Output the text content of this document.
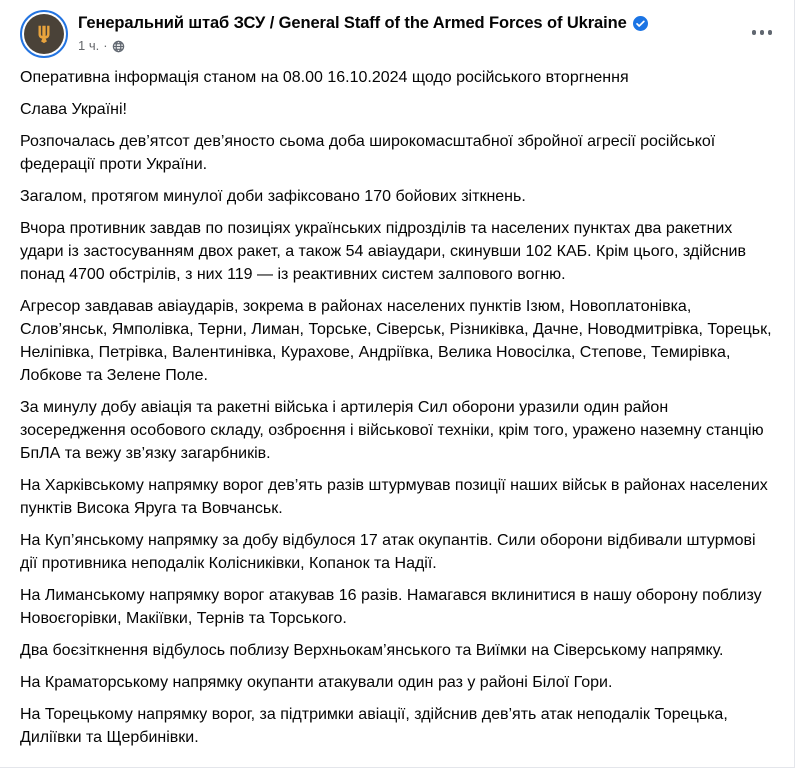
Генеральний штаб ЗСУ / General Staff of the Armed Forces of Ukraine
1 ч. ·

Оперативна інформація станом на 08.00 16.10.2024 щодо російського вторгнення

Слава Україні!

Розпочалась дев’ятсот дев’яносто сьома доба широкомасштабної збройної агресії російської федерації проти України.

Загалом, протягом минулої доби зафіксовано 170 бойових зіткнень.

Вчора противник завдав по позиціях українських підрозділів та населених пунктах два ракетних удари із застосуванням двох ракет, а також 54 авіаудари, скинувши 102 КАБ. Крім цього, здійснив понад 4700 обстрілів, з них 119 — із реактивних систем залпового вогню.

Агресор завдавав авіаударів, зокрема в районах населених пунктів Ізюм, Новоплатонівка, Слов’янськ, Ямполівка, Терни, Лиман, Торське, Сіверськ, Різниківка, Дачне, Новодмитрівка, Торецьк, Неліпівка, Петрівка, Валентинівка, Курахове, Андріївка, Велика Новосілка, Степове, Темирівка, Лобкове та Зелене Поле.

За минулу добу авіація та ракетні війська і артилерія Сил оборони уразили один район зосередження особового складу, озброєння і військової техніки, крім того, уражено наземну станцію БпЛА та вежу зв’язку загарбників.

На Харківському напрямку ворог дев’ять разів штурмував позиції наших військ в районах населених пунктів Висока Яруга та Вовчанськ.

На Куп’янському напрямку за добу відбулося 17 атак окупантів. Сили оборони відбивали штурмові дії противника неподалік Колісниківки, Копанок та Надії.

На Лиманському напрямку ворог атакував 16 разів. Намагався вклинитися в нашу оборону поблизу Новоєгорівки, Макіївки, Тернів та Торського.

Два боєзіткнення відбулось поблизу Верхньокам’янського та Виїмки на Сіверському напрямку.

На Краматорському напрямку окупанти атакували один раз у районі Білої Гори.

На Торецькому напрямку ворог, за підтримки авіації, здійснив дев’ять атак неподалік Торецька, Диліївки та Щербинівки.
